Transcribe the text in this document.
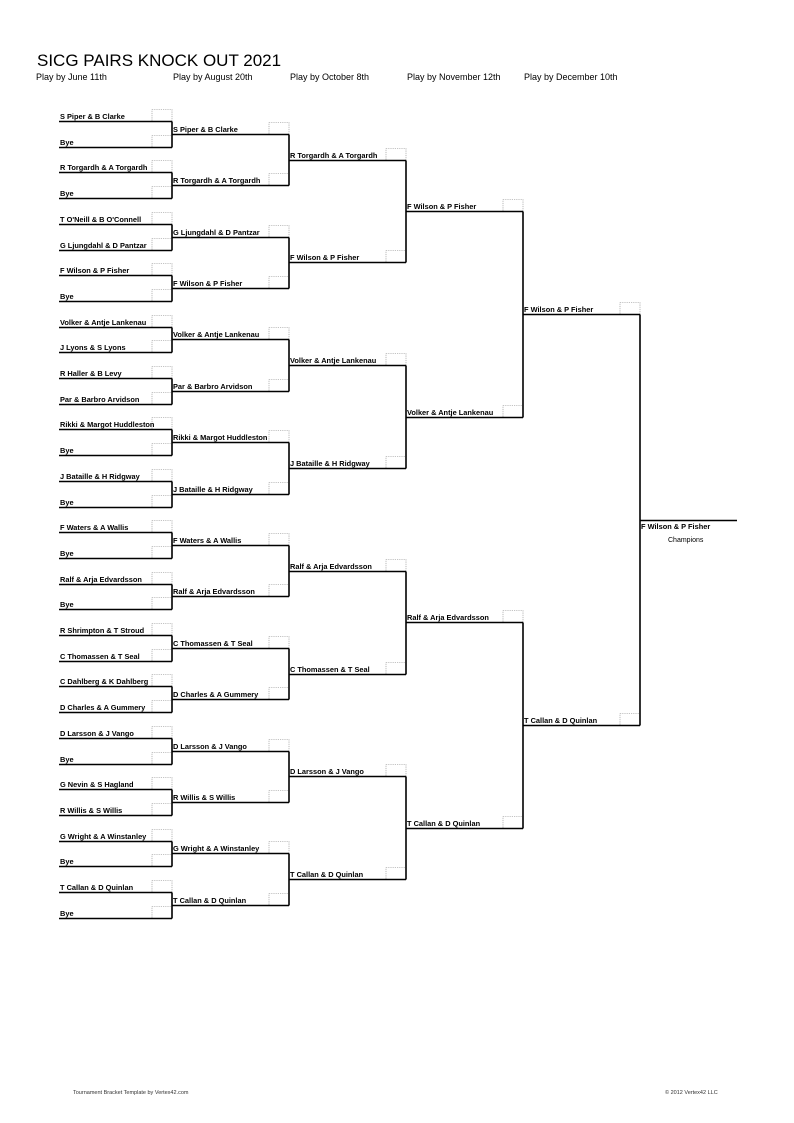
SICG PAIRS KNOCK OUT 2021
Play by June 11th	Play by August 20th	Play by October 8th	Play by November 12th	Play by December 10th
S Piper & B Clarke
Bye
R Torgardh & A Torgardh
Bye
T O'Neill & B O'Connell
G Ljungdahl & D Pantzar
F Wilson & P Fisher
Bye
Volker & Antje Lankenau
J Lyons & S Lyons
R Haller & B Levy
Par & Barbro Arvidson
Rikki & Margot Huddleston
Bye
J Bataille & H Ridgway
Bye
F Waters & A Wallis
Bye
Ralf & Arja Edvardsson
Bye
R Shrimpton & T Stroud
C Thomassen & T Seal
C Dahlberg & K Dahlberg
D Charles & A Gummery
D Larsson & J Vango
Bye
G Nevin & S Hagland
R Willis & S Willis
G Wright & A Winstanley
Bye
T Callan & D Quinlan
Bye
S Piper & B Clarke
R Torgardh & A Torgardh
G Ljungdahl & D Pantzar
F Wilson & P Fisher
Volker & Antje Lankenau
Par & Barbro Arvidson
Rikki & Margot Huddleston
J Bataille & H Ridgway
F Waters & A Wallis
Ralf & Arja Edvardsson
C Thomassen & T Seal
D Charles & A Gummery
D Larsson & J Vango
R Willis & S Willis
G Wright & A Winstanley
T Callan & D Quinlan
R Torgardh & A Torgardh
F Wilson & P Fisher
Volker & Antje Lankenau
J Bataille & H Ridgway
Ralf & Arja Edvardsson
C Thomassen & T Seal
D Larsson & J Vango
T Callan & D Quinlan
F Wilson & P Fisher
Volker & Antje Lankenau
Ralf & Arja Edvardsson
T Callan & D Quinlan
F Wilson & P Fisher
T Callan & D Quinlan
F Wilson & P Fisher
Champions
Tournament Bracket Template by Vertex42.com	© 2012 Vertex42 LLC
